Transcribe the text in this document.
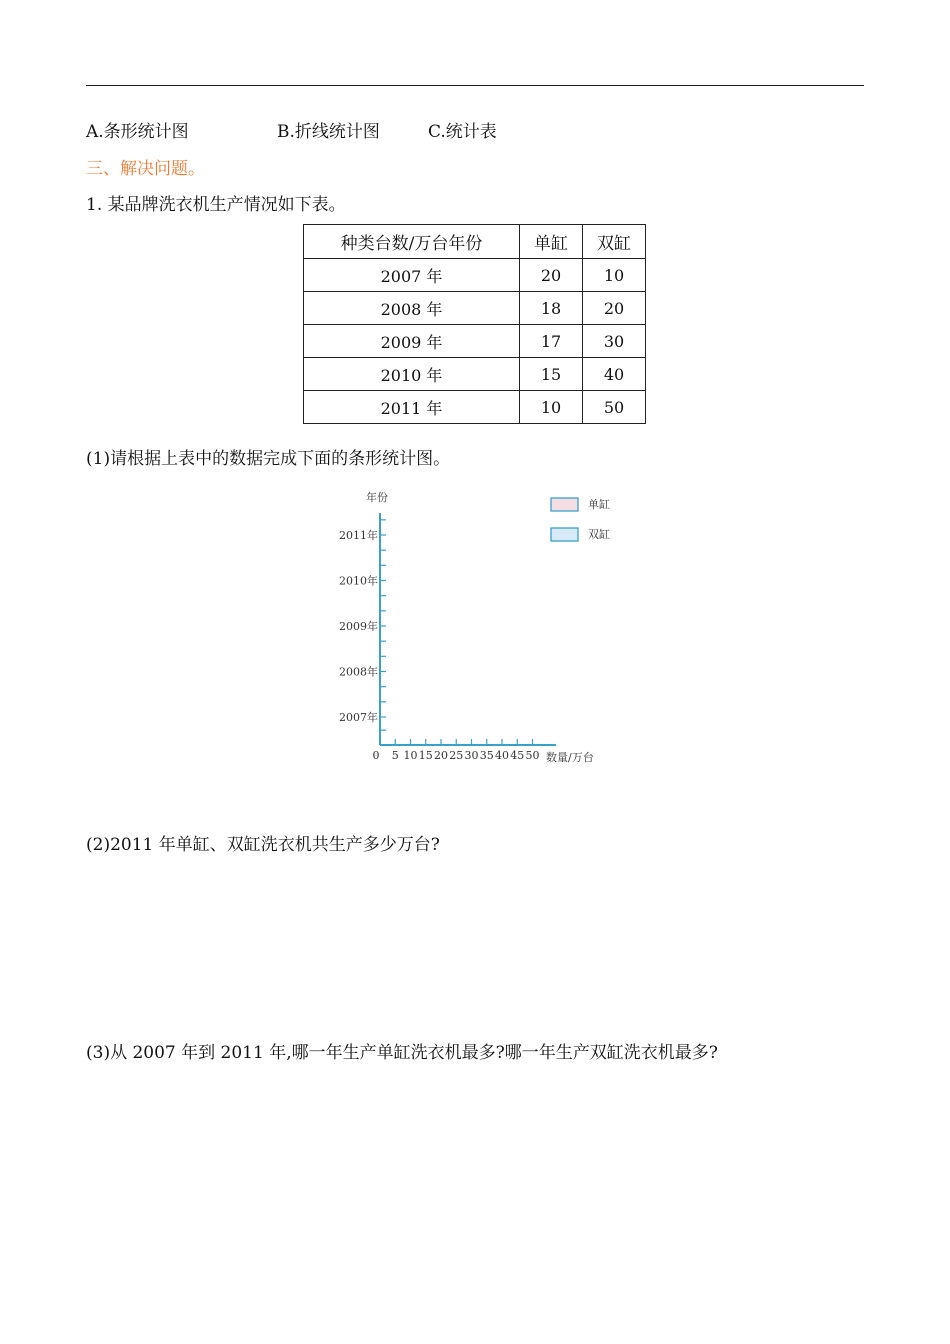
A.条形统计图	B.折线统计图	C.统计表
三、解决问题。
1. 某品牌洗衣机生产情况如下表。
种类台数/万台年份	单缸	双缸
2007 年	20	10
2008 年	18	20
2009 年	17	30
2010 年	15	40
2011 年	10	50
(1)请根据上表中的数据完成下面的条形统计图。
年份
2007年
2008年
2009年
2010年
2011年
0 5 10 15 20 25 30 35 40 45 50 数量/万台
单缸
双缸
(2)2011 年单缸、双缸洗衣机共生产多少万台?
(3)从 2007 年到 2011 年,哪一年生产单缸洗衣机最多?哪一年生产双缸洗衣机最多?
